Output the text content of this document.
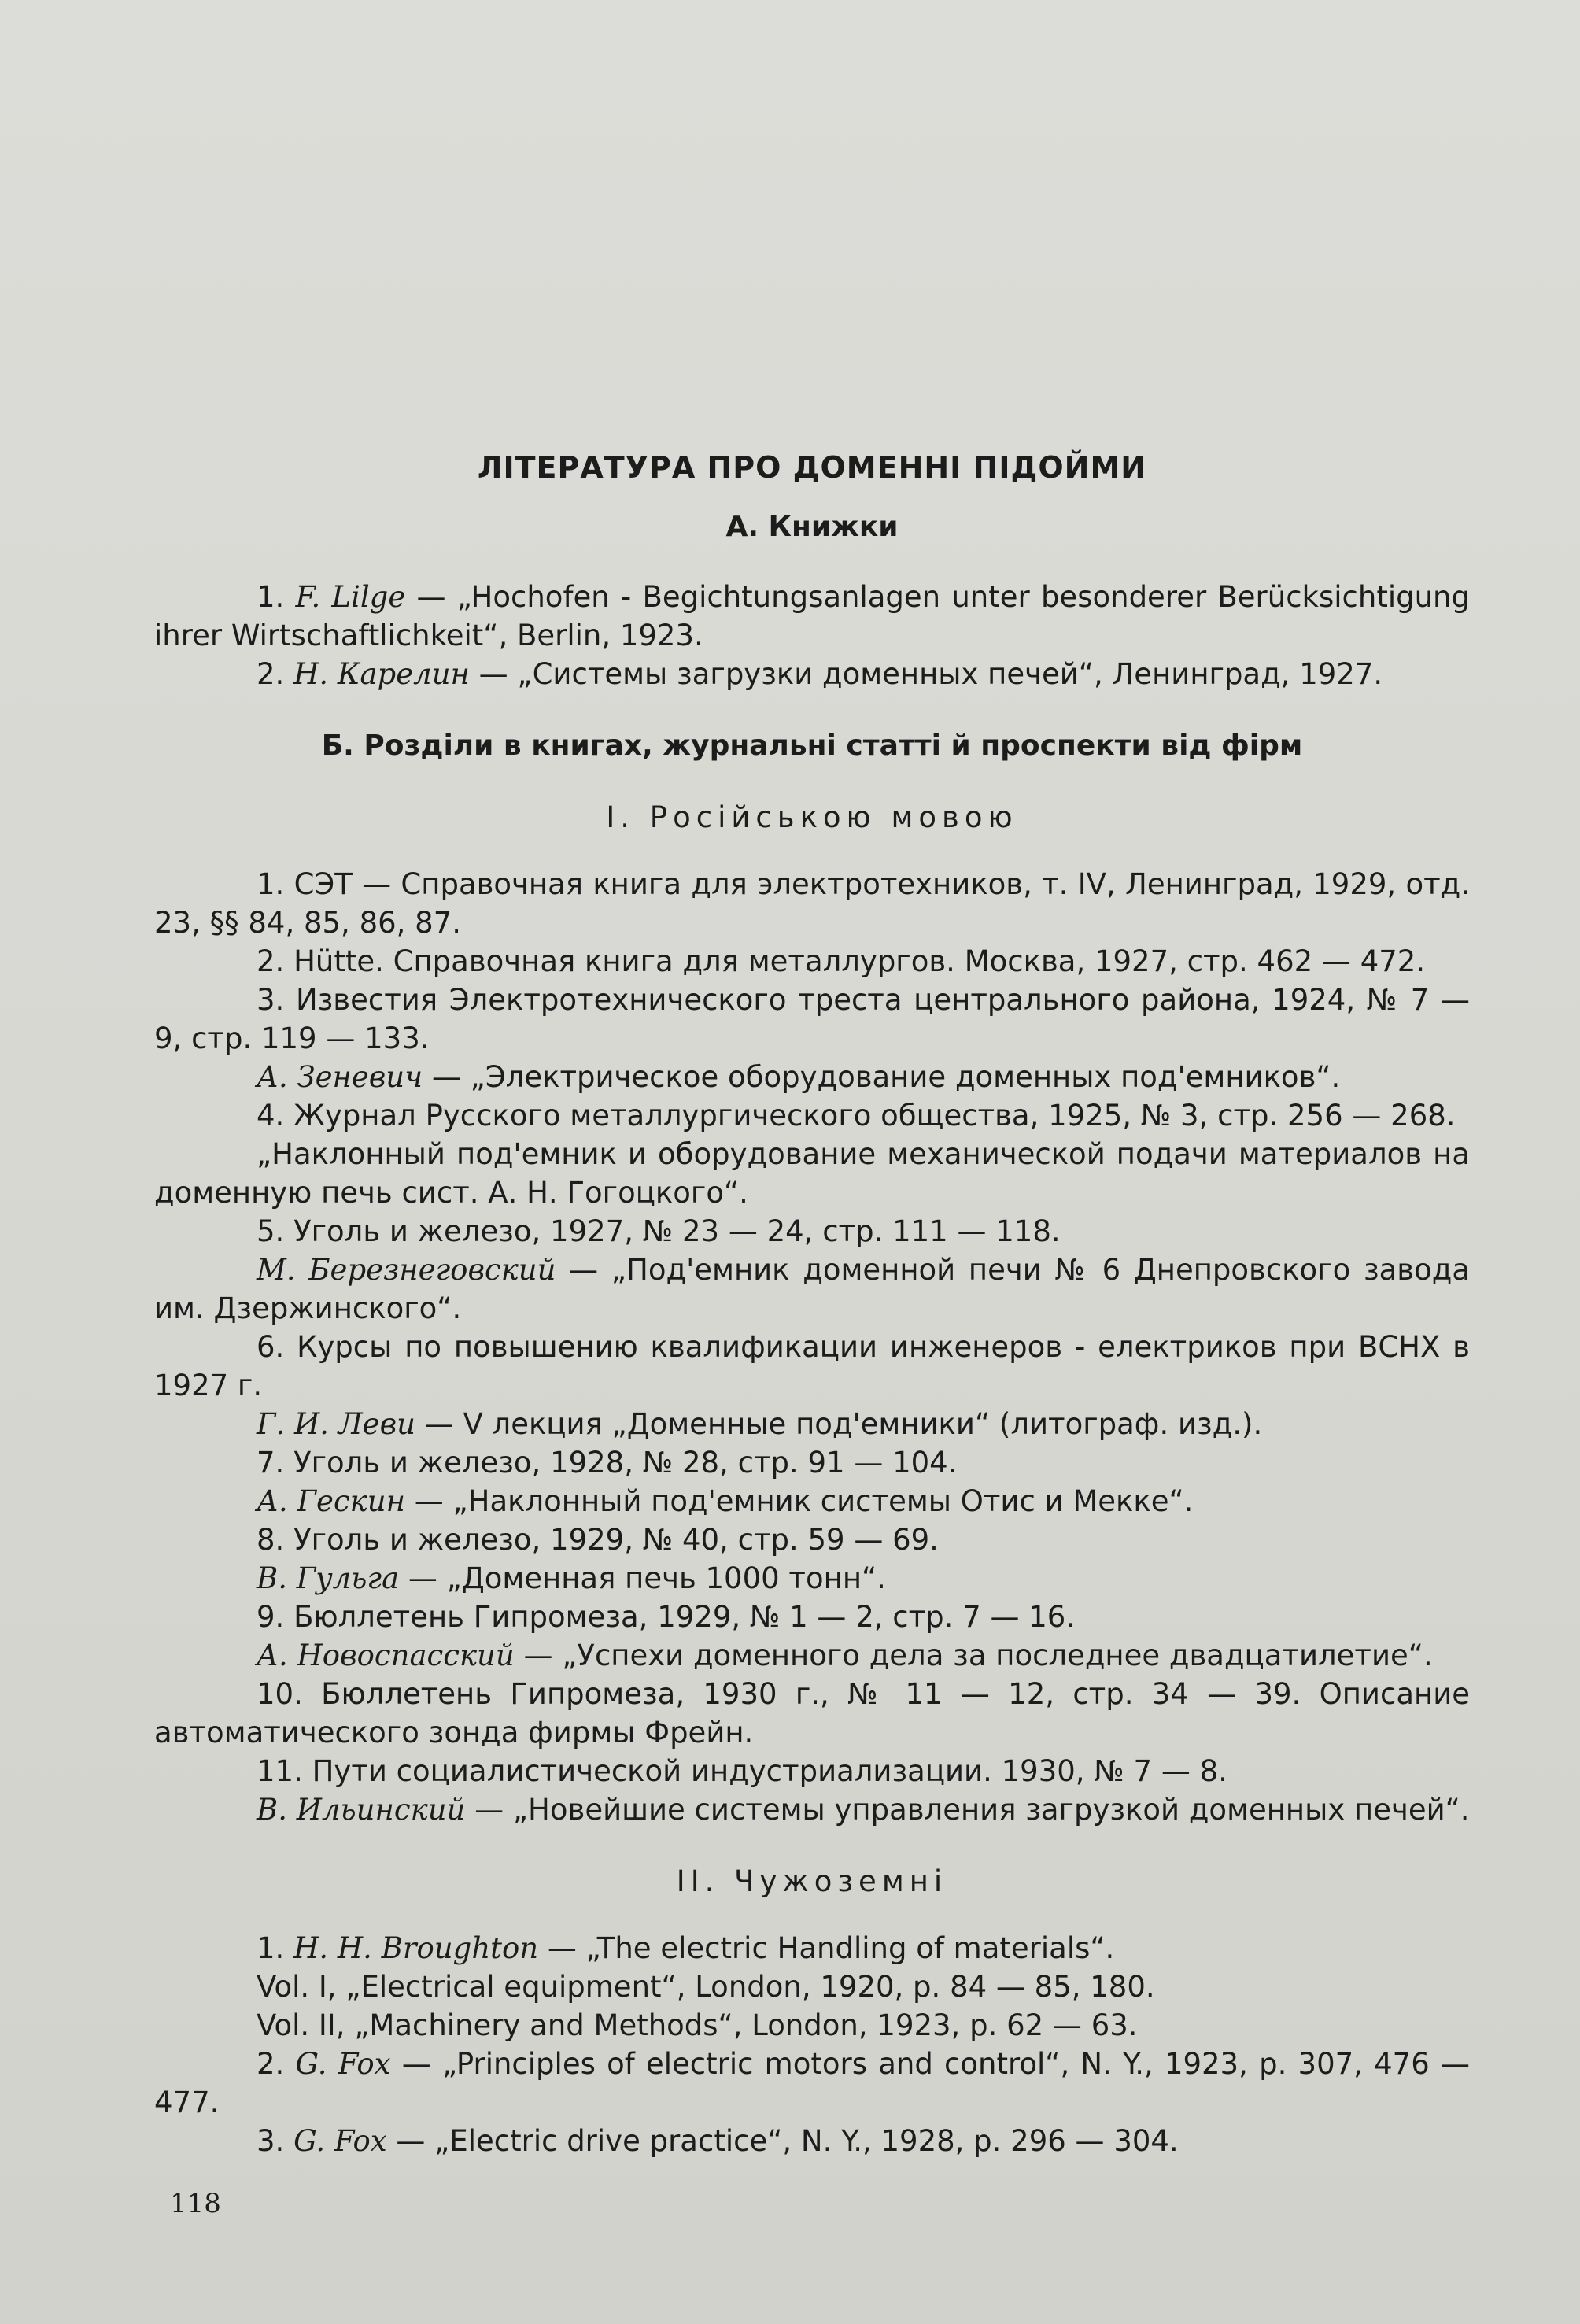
ЛІТЕРАТУРА ПРО ДОМЕННІ ПІДОЙМИ
А. Книжки
1. F. Lilge — „Hochofen - Begichtungsanlagen unter besonderer Berücksichtigung ihrer Wirtschaftlichkeit“, Berlin, 1923.
2. Н. Карелин — „Системы загрузки доменных печей“, Ленинград, 1927.
Б. Розділи в книгах, журнальні статті й проспекти від фірм
І. Російською мовою
1. СЭТ — Справочная книга для электротехников, т. IV, Ленинград, 1929, отд. 23, §§ 84, 85, 86, 87.
2. Hütte. Справочная книга для металлургов. Москва, 1927, стр. 462 — 472.
3. Известия Электротехнического треста центрального района, 1924, № 7 — 9, стр. 119 — 133.
А. Зеневич — „Электрическое оборудование доменных под'емников“.
4. Журнал Русского металлургического общества, 1925, № 3, стр. 256 — 268.
„Наклонный под'емник и оборудование механической подачи материалов на доменную печь сист. А. Н. Гогоцкого“.
5. Уголь и железо, 1927, № 23 — 24, стр. 111 — 118.
М. Березнеговский — „Под'емник доменной печи № 6 Днепровского завода им. Дзержинского“.
6. Курсы по повышению квалификации инженеров - електриков при ВСНХ в 1927 г.
Г. И. Леви — V лекция „Доменные под'емники“ (литограф. изд.).
7. Уголь и железо, 1928, № 28, стр. 91 — 104.
А. Гескин — „Наклонный под'емник системы Отис и Мекке“.
8. Уголь и железо, 1929, № 40, стр. 59 — 69.
В. Гульга — „Доменная печь 1000 тонн“.
9. Бюллетень Гипромеза, 1929, № 1 — 2, стр. 7 — 16.
А. Новоспасский — „Успехи доменного дела за последнее двадцатилетие“.
10. Бюллетень Гипромеза, 1930 г., № 11 — 12, стр. 34 — 39. Описание автоматического зонда фирмы Фрейн.
11. Пути социалистической индустриализации. 1930, № 7 — 8.
В. Ильинский — „Новейшие системы управления загрузкой доменных печей“.
ІІ. Чужоземні
1. H. H. Broughton — „The electric Handling of materials“.
Vol. I, „Electrical equipment“, London, 1920, p. 84 — 85, 180.
Vol. II, „Machinery and Methods“, London, 1923, p. 62 — 63.
2. G. Fox — „Principles of electric motors and control“, N. Y., 1923, p. 307, 476 — 477.
3. G. Fox — „Electric drive practice“, N. Y., 1928, p. 296 — 304.
118
